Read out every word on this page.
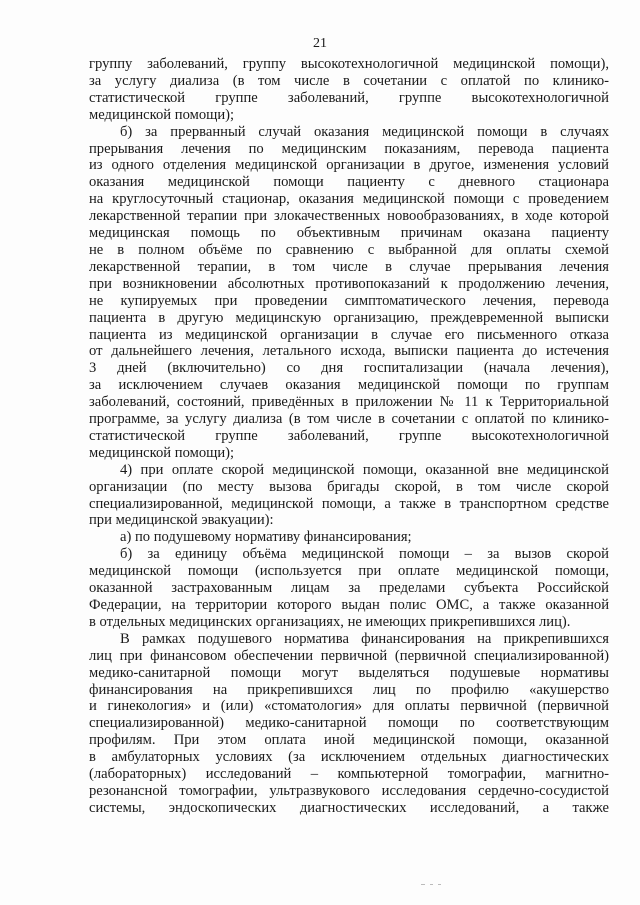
21
группу заболеваний, группу высокотехнологичной медицинской помощи),
за услугу диализа (в том числе в сочетании с оплатой по клинико-
статистической группе заболеваний, группе высокотехнологичной
медицинской помощи);
б) за прерванный случай оказания медицинской помощи в случаях
прерывания лечения по медицинским показаниям, перевода пациента
из одного отделения медицинской организации в другое, изменения условий
оказания медицинской помощи пациенту с дневного стационара
на круглосуточный стационар, оказания медицинской помощи с проведением
лекарственной терапии при злокачественных новообразованиях, в ходе которой
медицинская помощь по объективным причинам оказана пациенту
не в полном объёме по сравнению с выбранной для оплаты схемой
лекарственной терапии, в том числе в случае прерывания лечения
при возникновении абсолютных противопоказаний к продолжению лечения,
не купируемых при проведении симптоматического лечения, перевода
пациента в другую медицинскую организацию, преждевременной выписки
пациента из медицинской организации в случае его письменного отказа
от дальнейшего лечения, летального исхода, выписки пациента до истечения
3 дней (включительно) со дня госпитализации (начала лечения),
за исключением случаев оказания медицинской помощи по группам
заболеваний, состояний, приведённых в приложении № 11 к Территориальной
программе, за услугу диализа (в том числе в сочетании с оплатой по клинико-
статистической группе заболеваний, группе высокотехнологичной
медицинской помощи);
4) при оплате скорой медицинской помощи, оказанной вне медицинской
организации (по месту вызова бригады скорой, в том числе скорой
специализированной, медицинской помощи, а также в транспортном средстве
при медицинской эвакуации):
а) по подушевому нормативу финансирования;
б) за единицу объёма медицинской помощи – за вызов скорой
медицинской помощи (используется при оплате медицинской помощи,
оказанной застрахованным лицам за пределами субъекта Российской
Федерации, на территории которого выдан полис ОМС, а также оказанной
в отдельных медицинских организациях, не имеющих прикрепившихся лиц).
В рамках подушевого норматива финансирования на прикрепившихся
лиц при финансовом обеспечении первичной (первичной специализированной)
медико-санитарной помощи могут выделяться подушевые нормативы
финансирования на прикрепившихся лиц по профилю «акушерство
и гинекология» и (или) «стоматология» для оплаты первичной (первичной
специализированной) медико-санитарной помощи по соответствующим
профилям. При этом оплата иной медицинской помощи, оказанной
в амбулаторных условиях (за исключением отдельных диагностических
(лабораторных) исследований – компьютерной томографии, магнитно-
резонансной томографии, ультразвукового исследования сердечно-сосудистой
системы, эндоскопических диагностических исследований, а также
